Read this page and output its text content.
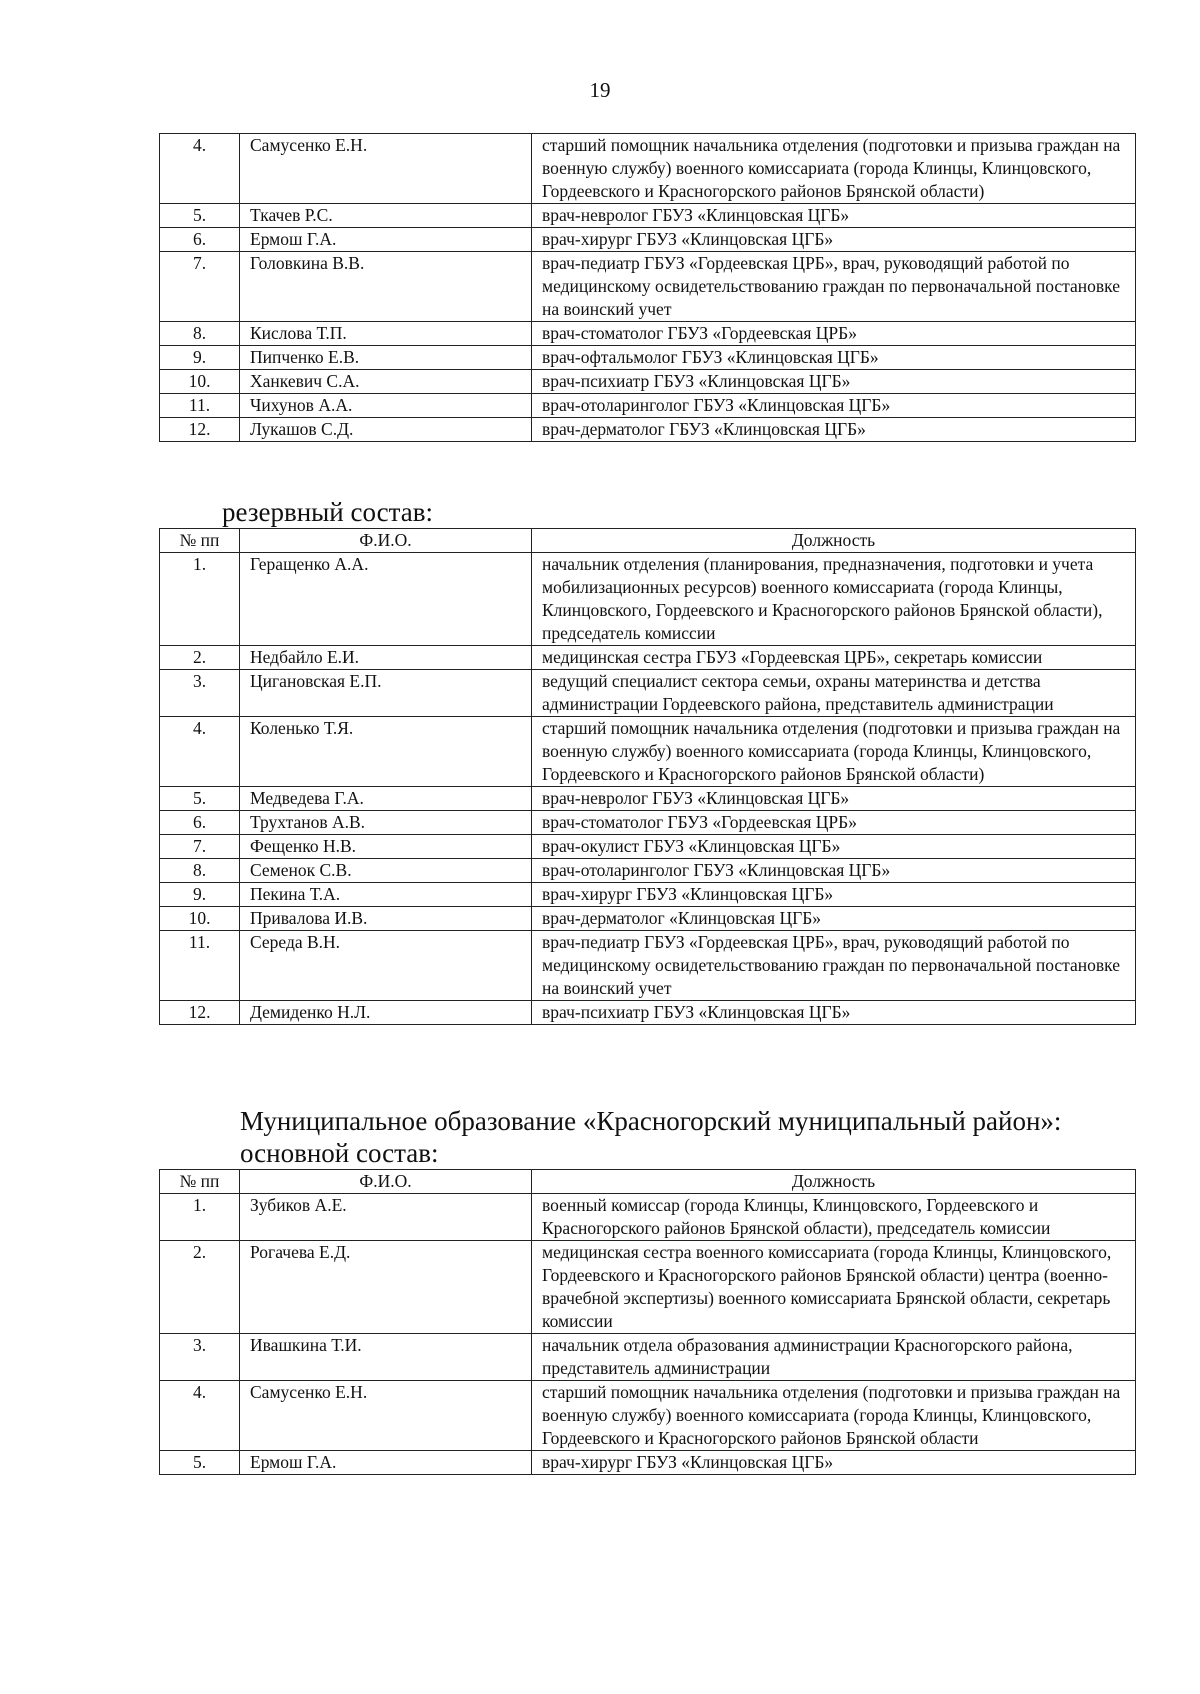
19
4.	Самусенко Е.Н.	старший помощник начальника отделения (подготовки и призыва граждан на военную службу) военного комиссариата (города Клинцы, Клинцовского, Гордеевского и Красногорского районов Брянской области)
5.	Ткачев Р.С.	врач-невролог ГБУЗ «Клинцовская ЦГБ»
6.	Ермош Г.А.	врач-хирург ГБУЗ «Клинцовская ЦГБ»
7.	Головкина В.В.	врач-педиатр ГБУЗ «Гордеевская ЦРБ», врач, руководящий работой по медицинскому освидетельствованию граждан по первоначальной постановке на воинский учет
8.	Кислова Т.П.	врач-стоматолог ГБУЗ «Гордеевская ЦРБ»
9.	Пипченко Е.В.	врач-офтальмолог ГБУЗ «Клинцовская ЦГБ»
10.	Ханкевич С.А.	врач-психиатр ГБУЗ «Клинцовская ЦГБ»
11.	Чихунов А.А.	врач-отоларинголог ГБУЗ «Клинцовская ЦГБ»
12.	Лукашов С.Д.	врач-дерматолог ГБУЗ «Клинцовская ЦГБ»
резервный состав:
№ пп	Ф.И.О.	Должность
1.	Геращенко А.А.	начальник отделения (планирования, предназначения, подготовки и учета мобилизационных ресурсов) военного комиссариата (города Клинцы, Клинцовского, Гордеевского и Красногорского районов Брянской области), председатель комиссии
2.	Недбайло Е.И.	медицинская сестра ГБУЗ «Гордеевская ЦРБ», секретарь комиссии
3.	Цигановская Е.П.	ведущий специалист сектора семьи, охраны материнства и детства администрации Гордеевского района, представитель администрации
4.	Коленько Т.Я.	старший помощник начальника отделения (подготовки и призыва граждан на военную службу) военного комиссариата (города Клинцы, Клинцовского, Гордеевского и Красногорского районов Брянской области)
5.	Медведева Г.А.	врач-невролог ГБУЗ «Клинцовская ЦГБ»
6.	Трухтанов А.В.	врач-стоматолог ГБУЗ «Гордеевская ЦРБ»
7.	Фещенко Н.В.	врач-окулист ГБУЗ «Клинцовская ЦГБ»
8.	Семенок С.В.	врач-отоларинголог ГБУЗ «Клинцовская ЦГБ»
9.	Пекина Т.А.	врач-хирург ГБУЗ «Клинцовская ЦГБ»
10.	Привалова И.В.	врач-дерматолог «Клинцовская ЦГБ»
11.	Середа В.Н.	врач-педиатр ГБУЗ «Гордеевская ЦРБ», врач, руководящий работой по медицинскому освидетельствованию граждан по первоначальной постановке на воинский учет
12.	Демиденко Н.Л.	врач-психиатр ГБУЗ «Клинцовская ЦГБ»
Муниципальное образование «Красногорский муниципальный район»:
основной состав:
№ пп	Ф.И.О.	Должность
1.	Зубиков А.Е.	военный комиссар (города Клинцы, Клинцовского, Гордеевского и Красногорского районов Брянской области), председатель комиссии
2.	Рогачева Е.Д.	медицинская сестра военного комиссариата (города Клинцы, Клинцовского, Гордеевского и Красногорского районов Брянской области) центра (военно-врачебной экспертизы) военного комиссариата Брянской области, секретарь комиссии
3.	Ивашкина Т.И.	начальник отдела образования администрации Красногорского района, представитель администрации
4.	Самусенко Е.Н.	старший помощник начальника отделения (подготовки и призыва граждан на военную службу) военного комиссариата (города Клинцы, Клинцовского, Гордеевского и Красногорского районов Брянской области
5.	Ермош Г.А.	врач-хирург ГБУЗ «Клинцовская ЦГБ»
